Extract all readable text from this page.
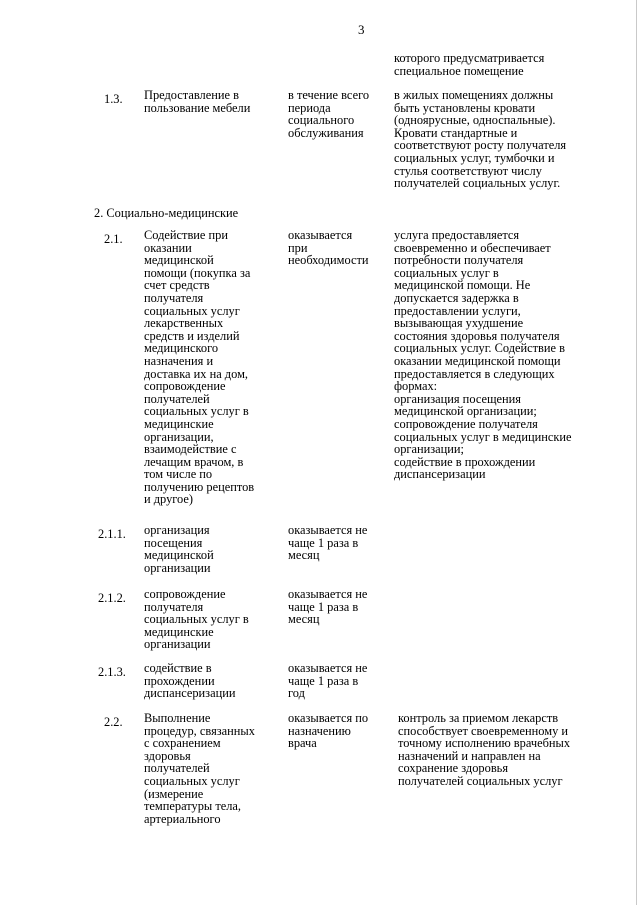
3
которого предусматривается
специальное помещение
1.3. Предоставление в
пользование мебели
в течение всего
периода
социального
обслуживания
в жилых помещениях должны
быть установлены кровати
(одноярусные, односпальные).
Кровати стандартные и
соответствуют росту получателя
социальных услуг, тумбочки и
стулья соответствуют числу
получателей социальных услуг.
2. Социально-медицинские
2.1. Содействие при
оказании
медицинской
помощи (покупка за
счет средств
получателя
социальных услуг
лекарственных
средств и изделий
медицинского
назначения и
доставка их на дом,
сопровождение
получателей
социальных услуг в
медицинские
организации,
взаимодействие с
лечащим врачом, в
том числе по
получению рецептов
и другое)
оказывается
при
необходимости
услуга предоставляется
своевременно и обеспечивает
потребности получателя
социальных услуг в
медицинской помощи. Не
допускается задержка в
предоставлении услуги,
вызывающая ухудшение
состояния здоровья получателя
социальных услуг. Содействие в
оказании медицинской помощи
предоставляется в следующих
формах:
организация посещения
медицинской организации;
сопровождение получателя
социальных услуг в медицинские
организации;
содействие в прохождении
диспансеризации
2.1.1. организация
посещения
медицинской
организации
оказывается не
чаще 1 раза в
месяц
2.1.2. сопровождение
получателя
социальных услуг в
медицинские
организации
оказывается не
чаще 1 раза в
месяц
2.1.3. содействие в
прохождении
диспансеризации
оказывается не
чаще 1 раза в
год
2.2. Выполнение
процедур, связанных
с сохранением
здоровья
получателей
социальных услуг
(измерение
температуры тела,
артериального
оказывается по
назначению
врача
контроль за приемом лекарств
способствует своевременному и
точному исполнению врачебных
назначений и направлен на
сохранение здоровья
получателей социальных услуг
